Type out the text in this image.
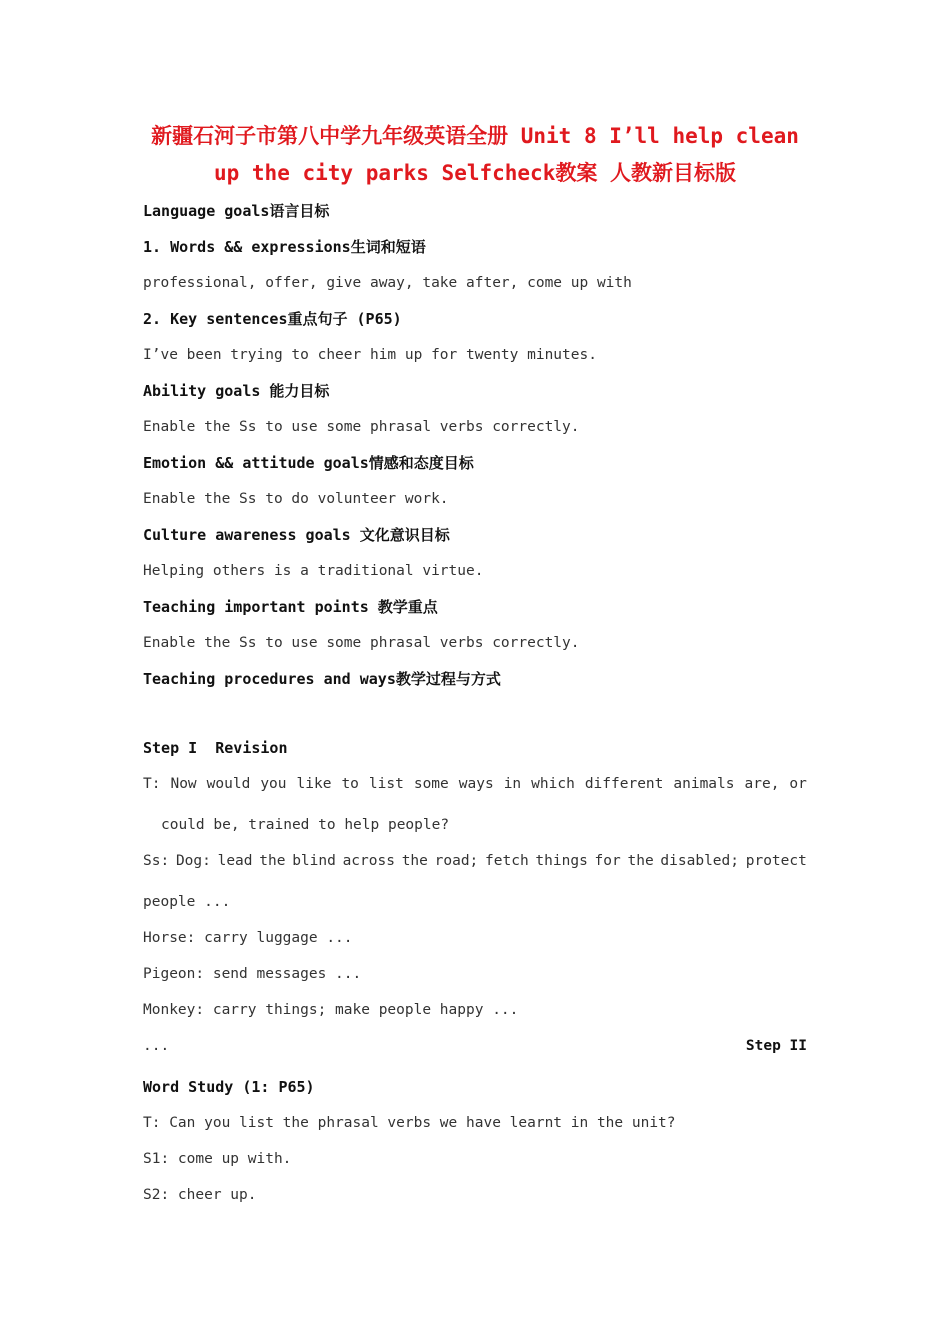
新疆石河子市第八中学九年级英语全册 Unit 8 I’ll help clean
up the city parks Selfcheck教案 人教新目标版
Language goals语言目标
1. Words && expressions生词和短语
professional, offer, give away, take after, come up with
2. Key sentences重点句子 (P65)
I’ve been trying to cheer him up for twenty minutes.
Ability goals 能力目标
Enable the Ss to use some phrasal verbs correctly.
Emotion && attitude goals情感和态度目标
Enable the Ss to do volunteer work.
Culture awareness goals 文化意识目标
Helping others is a traditional virtue.
Teaching important points 教学重点
Enable the Ss to use some phrasal verbs correctly.
Teaching procedures and ways教学过程与方式
Step I  Revision
T: Now would you like to list some ways in which different animals are, or
could be, trained to help people?
Ss: Dog: lead the blind across the road; fetch things for the disabled; protect
people ...
Horse: carry luggage ...
Pigeon: send messages ...
Monkey: carry things; make people happy ...
...	Step II
Word Study (1: P65)
T: Can you list the phrasal verbs we have learnt in the unit?
S1: come up with.
S2: cheer up.
